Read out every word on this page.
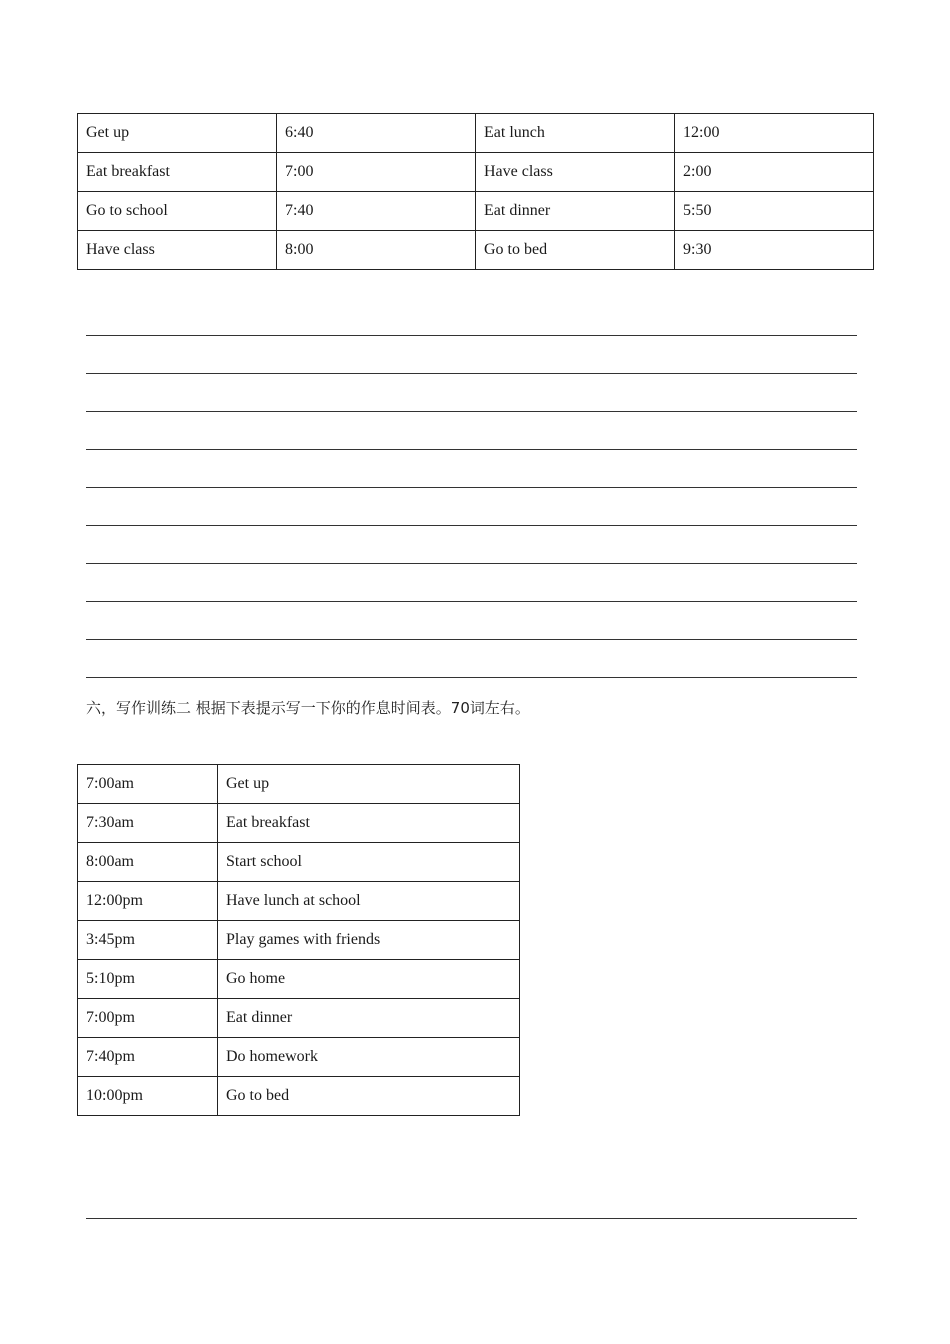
Get up	6:40	Eat lunch	12:00
Eat breakfast	7:00	Have class	2:00
Go to school	7:40	Eat dinner	5:50
Have class	8:00	Go to bed	9:30
六，写作训练二 根据下表提示写一下你的作息时间表。70词左右。
7:00am	Get up
7:30am	Eat breakfast
8:00am	Start school
12:00pm	Have lunch at school
3:45pm	Play games with friends
5:10pm	Go home
7:00pm	Eat dinner
7:40pm	Do homework
10:00pm	Go to bed
